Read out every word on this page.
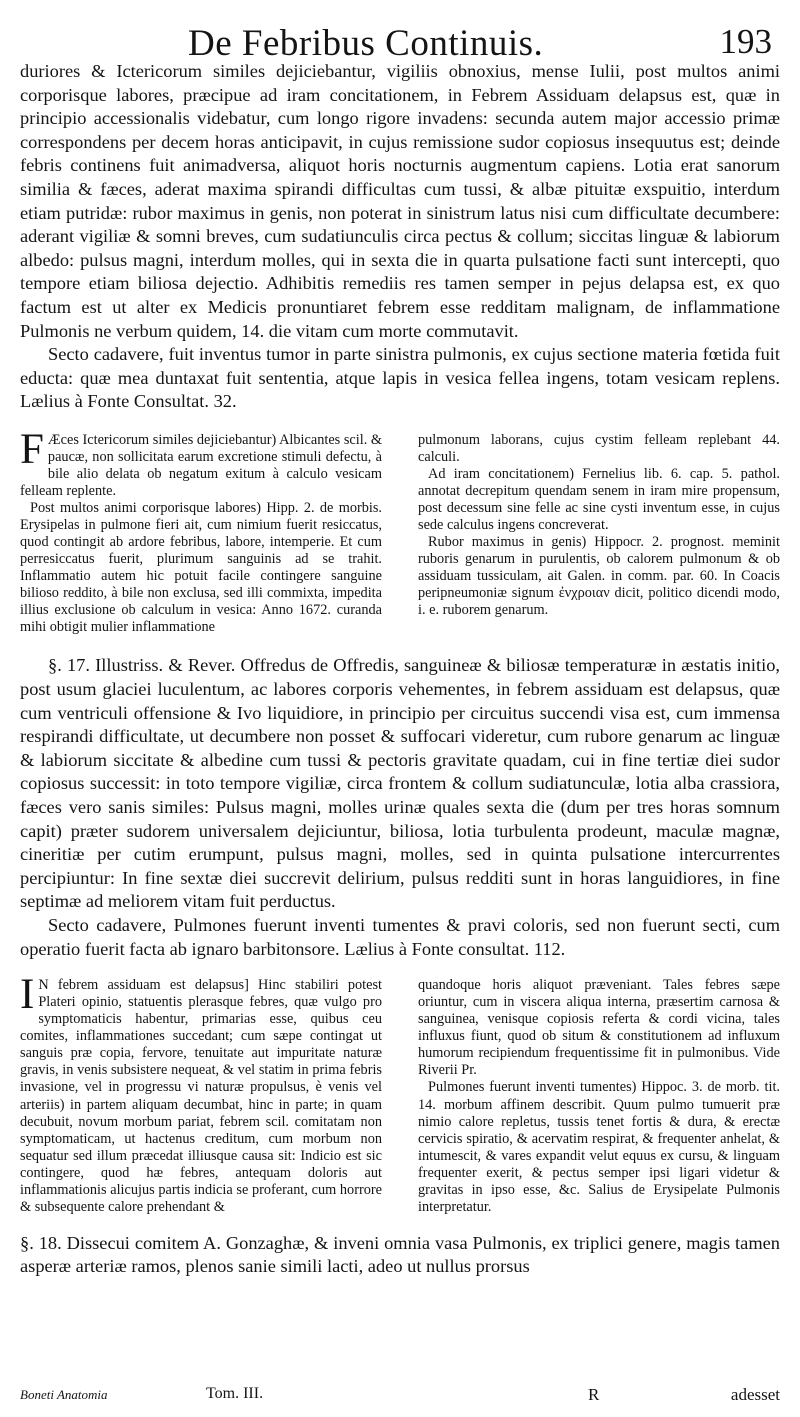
De Febribus Continuis.	193

duriores & Ictericorum similes dejiciebantur, vigiliis obnoxius, mense Iulii, post multos animi corporisque labores, præcipue ad iram concitationem, in Febrem Assiduam delapsus est, quæ in principio accessionalis videbatur, cum longo rigore invadens: secunda autem major accessio primæ correspondens per decem horas anticipavit, in cujus remissione sudor copiosus insequutus est; deinde febris continens fuit animadversa, aliquot horis nocturnis augmentum capiens. Lotia erat sanorum similia & fæces, aderat maxima spirandi difficultas cum tussi, & albæ pituitæ exspuitio, interdum etiam putridæ: rubor maximus in genis, non poterat in sinistrum latus nisi cum difficultate decumbere: aderant vigiliæ & somni breves, cum sudatiunculis circa pectus & collum; siccitas linguæ & labiorum albedo: pulsus magni, interdum molles, qui in sexta die in quarta pulsatione facti sunt intercepti, quo tempore etiam biliosa dejectio. Adhibitis remediis res tamen semper in pejus delapsa est, ex quo factum est ut alter ex Medicis pronuntiaret febrem esse redditam malignam, de inflammatione Pulmonis ne verbum quidem, 14. die vitam cum morte commutavit.

Secto cadavere, fuit inventus tumor in parte sinistra pulmonis, ex cujus sectione materia fœtida fuit educta: quæ mea duntaxat fuit sententia, atque lapis in vesica fellea ingens, totam vesicam replens. Lælius à Fonte Consultat. 32.

F Æces Ictericorum similes dejiciebantur) Albicantes scil. & paucæ, non sollicitata earum excretione stimuli defectu, à bile alio delata ob negatum exitum à calculo vesicam felleam replente.

Post multos animi corporisque labores) Hipp. 2. de morbis. Erysipelas in pulmone fieri ait, cum nimium fuerit resiccatus, quod contingit ab ardore febribus, labore, intemperie. Et cum perresiccatus fuerit, plurimum sanguinis ad se trahit. Inflammatio autem hic potuit facile contingere sanguine bilioso reddito, à bile non exclusa, sed illi commixta, impedita illius exclusione ob calculum in vesica: Anno 1672. curanda mihi obtigit mulier inflammatione

pulmonum laborans, cujus cystim felleam replebant 44. calculi.

Ad iram concitationem) Fernelius lib. 6. cap. 5. pathol. annotat decrepitum quendam senem in iram mire propensum, post decessum sine felle ac sine cysti inventum esse, in cujus sede calculus ingens concreverat.

Rubor maximus in genis) Hippocr. 2. prognost. meminit ruboris genarum in purulentis, ob calorem pulmonum & ob assiduam tussiculam, ait Galen. in comm. par. 60. In Coacis peripneumoniæ signum ἐνχροιαν dicit, politico dicendi modo, i. e. ruborem genarum.

§. 17. Illustriss. & Rever. Offredus de Offredis, sanguineæ & biliosæ temperaturæ in æstatis initio, post usum glaciei luculentum, ac labores corporis vehementes, in febrem assiduam est delapsus, quæ cum ventriculi offensione & Ivo liquidiore, in principio per circuitus succendi visa est, cum immensa respirandi difficultate, ut decumbere non posset & suffocari videretur, cum rubore genarum ac linguæ & labiorum siccitate & albedine cum tussi & pectoris gravitate quadam, cui in fine tertiæ diei sudor copiosus successit: in toto tempore vigiliæ, circa frontem & collum sudiatunculæ, lotia alba crassiora, fæces vero sanis similes: Pulsus magni, molles urinæ quales sexta die (dum per tres horas somnum capit) præter sudorem universalem dejiciuntur, biliosa, lotia turbulenta prodeunt, maculæ magnæ, cineritiæ per cutim erumpunt, pulsus magni, molles, sed in quinta pulsatione intercurrentes percipiuntur: In fine sextæ diei succrevit delirium, pulsus redditi sunt in horas languidiores, in fine septimæ ad meliorem vitam fuit perductus.

Secto cadavere, Pulmones fuerunt inventi tumentes & pravi coloris, sed non fuerunt secti, cum operatio fuerit facta ab ignaro barbitonsore. Lælius à Fonte consultat. 112.

I N febrem assiduam est delapsus] Hinc stabiliri potest Plateri opinio, statuentis plerasque febres, quæ vulgo pro symptomaticis habentur, primarias esse, quibus ceu comites, inflammationes succedant; cum sæpe contingat ut sanguis præ copia, fervore, tenuitate aut impuritate naturæ gravis, in venis subsistere nequeat, & vel statim in prima febris invasione, vel in progressu vi naturæ propulsus, è venis vel arteriis) in partem aliquam decumbat, hinc in parte; in quam decubuit, novum morbum pariat, febrem scil. comitatam non symptomaticam, ut hactenus creditum, cum morbum non sequatur sed illum præcedat illiusque causa sit: Indicio est sic contingere, quod hæ febres, antequam doloris aut inflammationis alicujus partis indicia se proferant, cum horrore & subsequente calore prehendant &

quandoque horis aliquot præveniant. Tales febres sæpe oriuntur, cum in viscera aliqua interna, præsertim carnosa & sanguinea, venisque copiosis referta & cordi vicina, tales influxus fiunt, quod ob situm & constitutionem ad influxum humorum recipiendum frequentissime fit in pulmonibus. Vide Riverii Pr.

Pulmones fuerunt inventi tumentes) Hippoc. 3. de morb. tit. 14. morbum affinem describit. Quum pulmo tumuerit præ nimio calore repletus, tussis tenet fortis & dura, & erectæ cervicis spiratio, & acervatim respirat, & frequenter anhelat, & intumescit, & vares expandit velut equus ex cursu, & linguam frequenter exerit, & pectus semper ipsi ligari videtur & gravitas in ipso esse, &c. Salius de Erysipelate Pulmonis interpretatur.

§. 18. Dissecui comitem A. Gonzaghæ, & inveni omnia vasa Pulmonis, ex triplici genere, magis tamen asperæ arteriæ ramos, plenos sanie simili lacti, adeo ut nullus prorsus

Boneti Anatomia	Tom. III.	R	adesset
